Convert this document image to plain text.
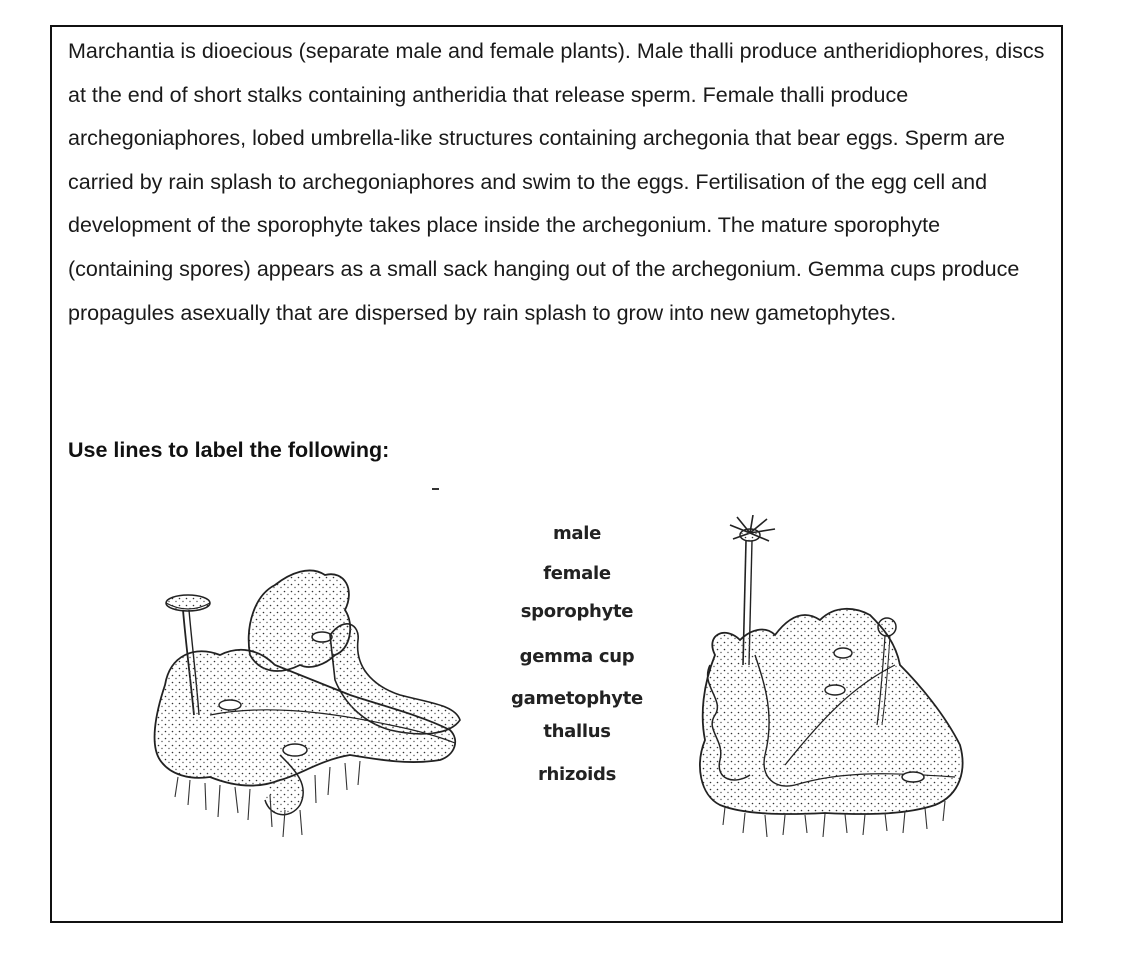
Marchantia is dioecious (separate male and female plants). Male thalli produce antheridiophores, discs at the end of short stalks containing antheridia that release sperm. Female thalli produce archegoniaphores, lobed umbrella-like structures containing archegonia that bear eggs. Sperm are carried by rain splash to archegoniaphores and swim to the eggs. Fertilisation of the egg cell and development of the sporophyte takes place inside the archegonium. The mature sporophyte (containing spores) appears as a small sack hanging out of the archegonium. Gemma cups produce propagules asexually that are dispersed by rain splash to grow into new gametophytes.

Use lines to label the following:

male
female
sporophyte
gemma cup
gametophyte
thallus
rhizoids
